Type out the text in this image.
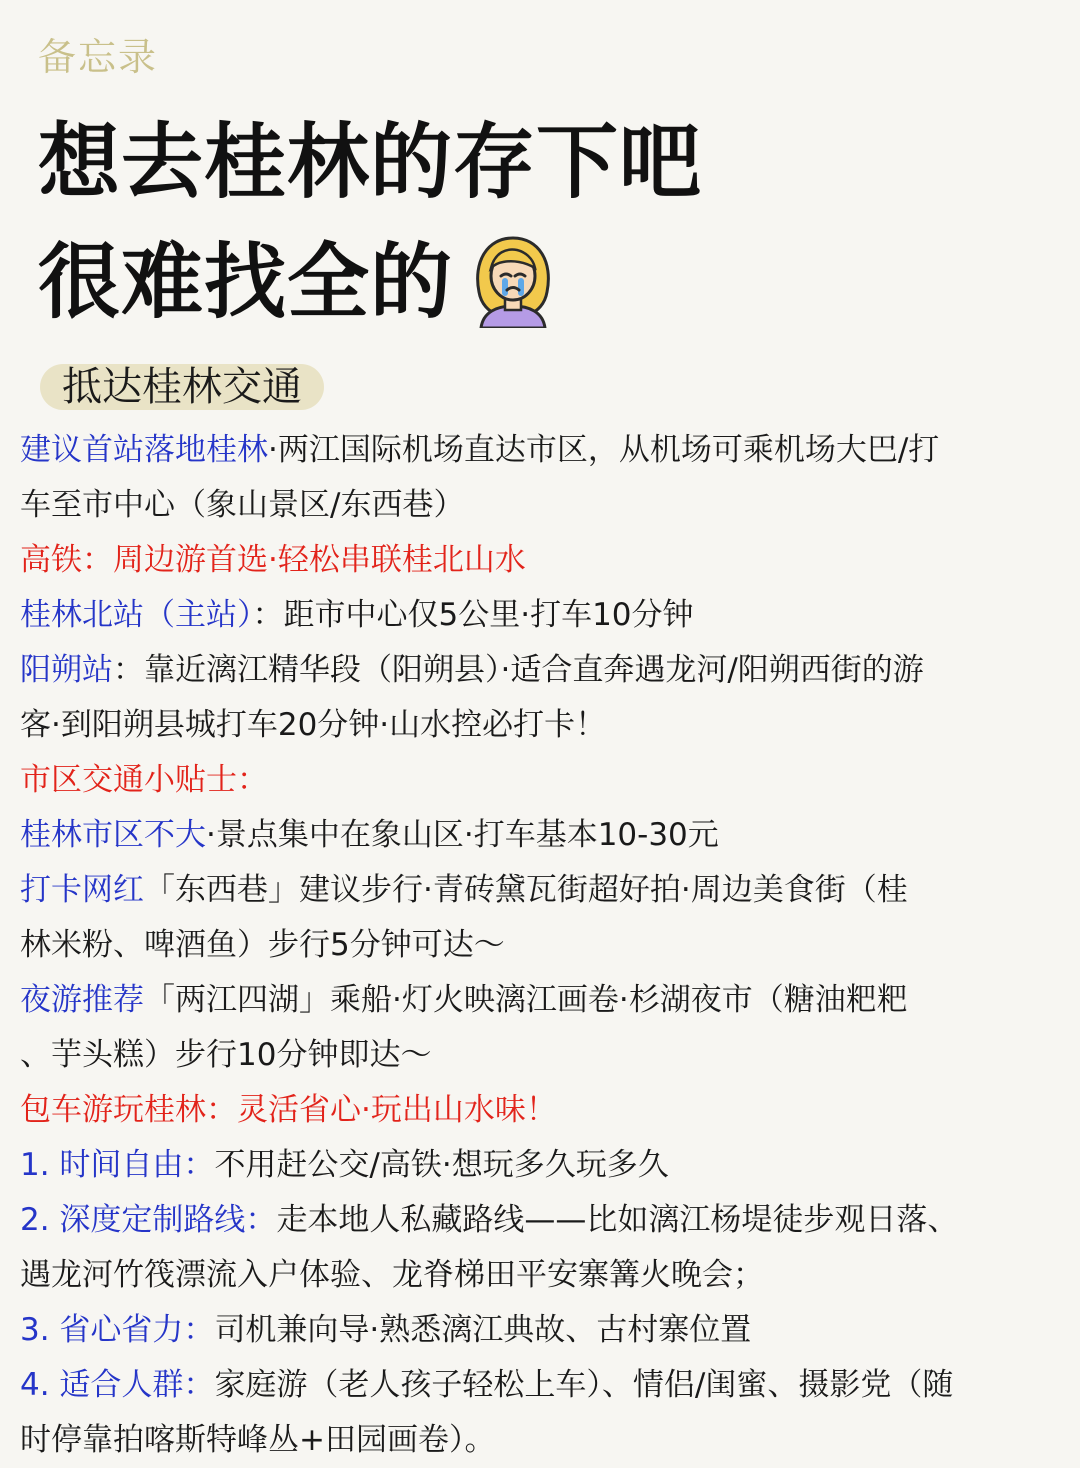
备忘录
想去桂林的存下吧
很难找全的
抵达桂林交通
建议首站落地桂林·两江国际机场直达市区，从机场可乘机场大巴/打
车至市中心（象山景区/东西巷）
高铁：周边游首选·轻松串联桂北山水
桂林北站（主站）：距市中心仅5公里·打车10分钟
阳朔站：靠近漓江精华段（阳朔县）·适合直奔遇龙河/阳朔西街的游
客·到阳朔县城打车20分钟·山水控必打卡！
市区交通小贴士：
桂林市区不大·景点集中在象山区·打车基本10-30元
打卡网红「东西巷」建议步行·青砖黛瓦街超好拍·周边美食街（桂
林米粉、啤酒鱼）步行5分钟可达～
夜游推荐「两江四湖」乘船·灯火映漓江画卷·杉湖夜市（糖油粑粑
、芋头糕）步行10分钟即达～
包车游玩桂林：灵活省心·玩出山水味！
1. 时间自由：不用赶公交/高铁·想玩多久玩多久
2. 深度定制路线：走本地人私藏路线——比如漓江杨堤徒步观日落、
遇龙河竹筏漂流入户体验、龙脊梯田平安寨篝火晚会；
3. 省心省力：司机兼向导·熟悉漓江典故、古村寨位置
4. 适合人群：家庭游（老人孩子轻松上车）、情侣/闺蜜、摄影党（随
时停靠拍喀斯特峰丛+田园画卷）。
